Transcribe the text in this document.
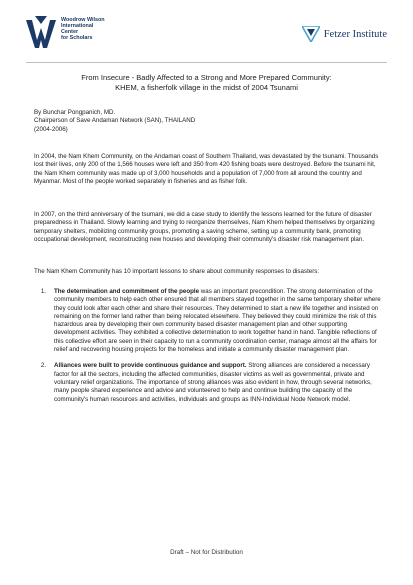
Woodrow Wilson
International
Center
for Scholars	Fetzer Institute
From Insecure - Badly Affected to a Strong and More Prepared Community:
KHEM, a fisherfolk village in the midst of 2004 Tsunami
By Bunchar Pongpanich, MD.
Chairperson of Save Andaman Network (SAN), THAILAND
(2004-2006)
In 2004, the Nam Khem Community, on the Andaman coast of Southern Thailand, was devastated by the tsunami. Thousands lost their lives, only 200 of the 1,566 houses were left and 350 from 420 fishing boats were destroyed. Before the tsunami hit, the Nam Khem community was made up of 3,000 households and a population of 7,000 from all around the country and Myanmar. Most of the people worked separately in fisheries and as fisher folk.
In 2007, on the third anniversary of the tsumani, we did a case study to identify the lessons learned for the future of disaster preparedness in Thailand. Slowly learning and trying to reorganize themselves, Nam Khem helped themselves by organizing temporary shelters, mobilizing community groups, promoting a saving scheme, setting up a community bank, promoting occupational development, reconstructing new houses and developing their community's disaster risk management plan.
The Nam Khem Community has 10 important lessons to share about community responses to disasters:
1.	The determination and commitment of the people was an important precondition. The strong determination of the community members to help each other ensured that all members stayed together in the same temporary shelter where they could look after each other and share their resources. They determined to start a new life together and insisted on remaining on the former land rather than being relocated elsewhere. They believed they could minimize the risk of this hazardous area by developing their own community based disaster management plan and other supporting development activities. They exhibited a collective determination to work together hand in hand. Tangible reflections of this collective effort are seen in their capacity to run a community coordination center, manage almost all the affairs for relief and recovering housing projects for the homeless and initiate a community disaster management plan.
2.	Alliances were built to provide continuous guidance and support. Strong alliances are considered a necessary factor for all the sectors, including the affected communities, disaster victims as well as governmental, private and voluntary relief organizations. The importance of strong alliances was also evident in how, through several networks, many people shared experience and advice and volunteered to help and continue building the capacity of the community's human resources and activities, individuals and groups as INN-Individual Node Network model.
Draft – Not for Distribution
